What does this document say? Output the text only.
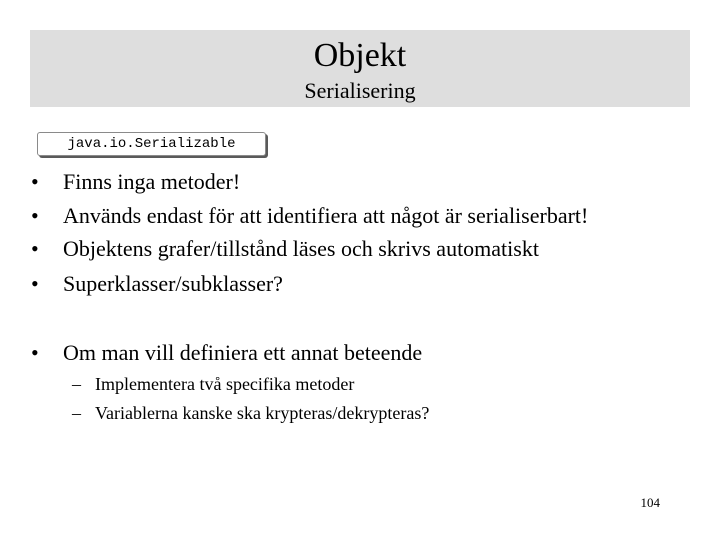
Objekt
Serialisering
java.io.Serializable
• Finns inga metoder!
• Används endast för att identifiera att något är serialiserbart!
• Objektens grafer/tillstånd läses och skrivs automatiskt
• Superklasser/subklasser?
• Om man vill definiera ett annat beteende
– Implementera två specifika metoder
– Variablerna kanske ska krypteras/dekrypteras?
104
